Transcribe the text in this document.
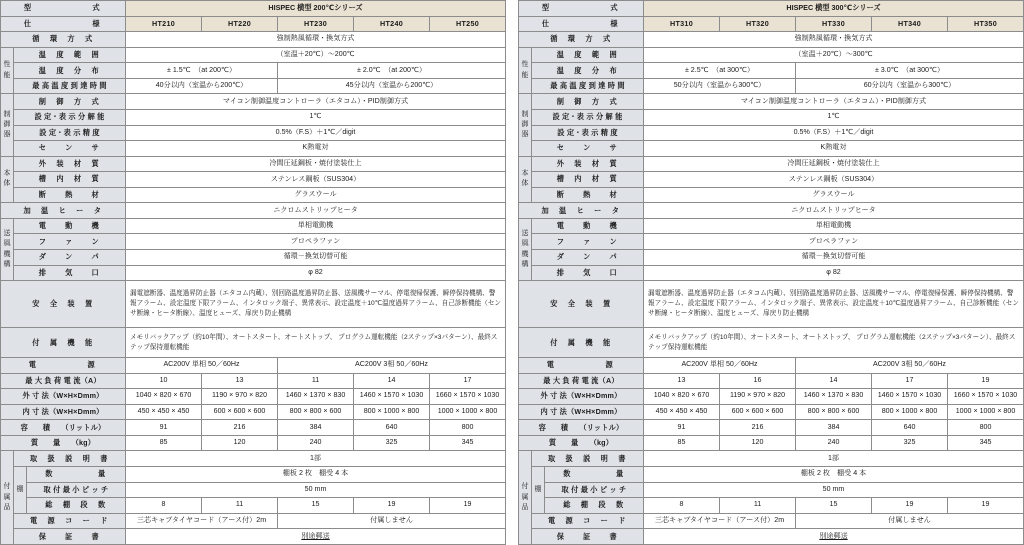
型　　　　　　式			HISPEC 横型 200℃シリーズ				
仕　　　　　　様			HT210	HT220	HT230	HT240	HT250
循　環　方　式			強制熱風循環・換気方式				

性
能	温　度　範　囲		（室温＋20℃）～200℃				
	温　度　分　布		± 1.5℃　（at 200℃）		± 2.0℃　（at 200℃）		
	最 高 温 度 到 達 時 間		40分以内（室温から200℃）		45分以内（室温から200℃）		

制
御
器	制　御　方　式		マイコン制御温度コントローラ（エタコム）・PID制御方式				
	設 定・表 示 分 解 能		1℃				
	設 定・表 示 精 度		0.5%（F.S）＋1℃／digit				
	セ　　ン　　サ		K熱電対				

本
体	外　装　材　質		冷間圧延鋼板・焼付塗装仕上				
	槽　内　材　質		ステンレス鋼板（SUS304）				
	断　　熱　　材		グラスウール				
加　温　ヒ　ー　タ			ニクロムストリップヒータ				

送
風
機
構	電　　動　　機		単相電動機				
	フ　　ァ　　ン		プロペラファン				
	ダ　　ン　　パ		循環－換気切替可能				
	排　　気　　口		φ 82				
安　全　装　置			漏電遮断器、温度過昇防止器（エタコム内蔵）、別回路温度過昇防止器、送風機サーマル、停電復帰保護、瞬停保持機構、警報アラーム、設定温度下限アラーム、インタロック端子、異常表示、設定温度＋10℃温度過昇アラーム、自己診断機能（センサ断線・ヒータ断線）、温度ヒューズ、扉戻り防止機構				
付　属　機　能			メモリバックアップ（約10年間）、オートスタート、オートストップ、 プログラム運転機能（2ステップ×3パターン）、最終ステップ保持運転機能				
電　　　　　源			AC200V 単相 50／60Hz		AC200V 3相 50／60Hz		
最 大 負 荷 電 流（A）			10	13	11	14	17
外 寸 法（W×H×Dmm）			1040 × 820 × 670	1190 × 970 × 820	1460 × 1370 × 830	1460 × 1570 × 1030	1660 × 1570 × 1030
内 寸 法（W×H×Dmm）			450 × 450 × 450	600 × 600 × 600	800 × 800 × 600	800 × 1000 × 800	1000 × 1000 × 800
容　　積　　（リットル）			91	216	384	640	800
質　　量　　（kg）			85	120	240	325	345

付
属
品	取　扱　説　明　書		1部				
	棚	数　　　　　量	棚板 2 枚　棚受 4 本				
		取 付 最 小 ピ ッ チ	50 mm				
		総　棚　段　数	8	11	15	19	19
	電　源　コ　ー　ド		三芯キャブタイヤコード（アース付）2m		付属しません		
	保　　証　　書		別途郵送				
型　　　　　　式			HISPEC 横型 300℃シリーズ				
仕　　　　　　様			HT310	HT320	HT330	HT340	HT350
循　環　方　式			強制熱風循環・換気方式				

性
能	温　度　範　囲		（室温＋20℃）～300℃				
	温　度　分　布		± 2.5℃　（at 300℃）		± 3.0℃　（at 300℃）		
	最 高 温 度 到 達 時 間		50分以内（室温から300℃）		60分以内（室温から300℃）		

制
御
器	制　御　方　式		マイコン制御温度コントローラ（エタコム）・PID制御方式				
	設 定・表 示 分 解 能		1℃				
	設 定・表 示 精 度		0.5%（F.S）＋1℃／digit				
	セ　　ン　　サ		K熱電対				

本
体	外　装　材　質		冷間圧延鋼板・焼付塗装仕上				
	槽　内　材　質		ステンレス鋼板（SUS304）				
	断　　熱　　材		グラスウール				
加　温　ヒ　ー　タ			ニクロムストリップヒータ				

送
風
機
構	電　　動　　機		単相電動機				
	フ　　ァ　　ン		プロペラファン				
	ダ　　ン　　パ		循環－換気切替可能				
	排　　気　　口		φ 82				
安　全　装　置			漏電遮断器、温度過昇防止器（エタコム内蔵）、別回路温度過昇防止器、送風機サーマル、停電復帰保護、瞬停保持機構、警報アラーム、設定温度下限アラーム、インタロック端子、異常表示、設定温度＋10℃温度過昇アラーム、自己診断機能（センサ断線・ヒータ断線）、温度ヒューズ、扉戻り防止機構				
付　属　機　能			メモリバックアップ（約10年間）、オートスタート、オートストップ、 プログラム運転機能（2ステップ×3パターン）、最終ステップ保持運転機能				
電　　　　　源			AC200V 単相 50／60Hz		AC200V 3相 50／60Hz		
最 大 負 荷 電 流（A）			13	16	14	17	19
外 寸 法（W×H×Dmm）			1040 × 820 × 670	1190 × 970 × 820	1460 × 1370 × 830	1460 × 1570 × 1030	1660 × 1570 × 1030
内 寸 法（W×H×Dmm）			450 × 450 × 450	600 × 600 × 600	800 × 800 × 600	800 × 1000 × 800	1000 × 1000 × 800
容　　積　　（リットル）			91	216	384	640	800
質　　量　　（kg）			85	120	240	325	345

付
属
品	取　扱　説　明　書		1部				
	棚	数　　　　　量	棚板 2 枚　棚受 4 本				
		取 付 最 小 ピ ッ チ	50 mm				
		総　棚　段　数	8	11	15	19	19
	電　源　コ　ー　ド		三芯キャブタイヤコード（アース付）2m		付属しません		
	保　　証　　書		別途郵送				
